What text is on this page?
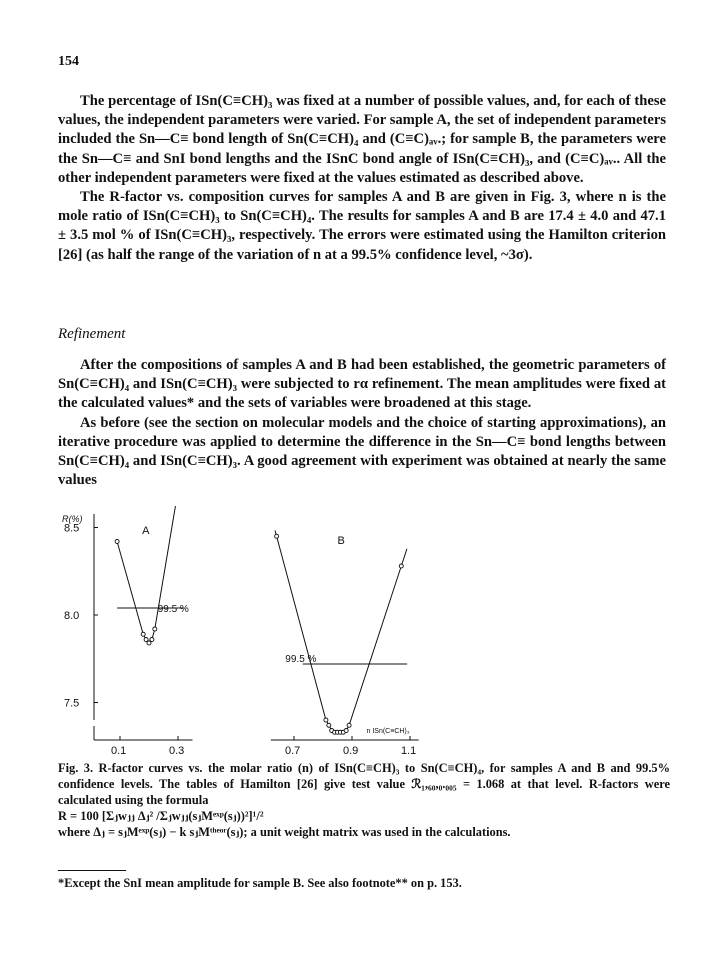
154

The percentage of ISn(C≡CH)₃ was fixed at a number of possible values, and, for each of these values, the independent parameters were varied. For sample A, the set of independent parameters included the Sn—C≡ bond length of Sn(C≡CH)₄ and (C≡C)ₐᵥ.; for sample B, the parameters were the Sn—C≡ and SnI bond lengths and the ISnC bond angle of ISn(C≡CH)₃, and (C≡C)ₐᵥ.. All the other independent parameters were fixed at the values estimated as described above.

The R-factor vs. composition curves for samples A and B are given in Fig. 3, where n is the mole ratio of ISn(C≡CH)₃ to Sn(C≡CH)₄. The results for samples A and B are 17.4 ± 4.0 and 47.1 ± 3.5 mol % of ISn(C≡CH)₃, respectively. The errors were estimated using the Hamilton criterion [26] (as half the range of the variation of n at a 99.5% confidence level, ~3σ).

Refinement

After the compositions of samples A and B had been established, the geometric parameters of Sn(C≡CH)₄ and ISn(C≡CH)₃ were subjected to rα refinement. The mean amplitudes were fixed at the calculated values* and the sets of variables were broadened at this stage.

As before (see the section on molecular models and the choice of starting approximations), an iterative procedure was applied to determine the difference in the Sn—C≡ bond lengths between Sn(C≡CH)₄ and ISn(C≡CH)₃. A good agreement with experiment was obtained at nearly the same values

7.5
8.0
8.5
R(%)
0.1	0.3	0.7	0.9	1.1
n ISn(C≡CH)₃
A
B
99.5 %
99.5 %

Fig. 3. R-factor curves vs. the molar ratio (n) of ISn(C≡CH)₃ to Sn(C≡CH)₄, for samples A and B and 99.5% confidence levels. The tables of Hamilton [26] give test value ℛ₁,₆₀,₀.₀₀₅ = 1.068 at that level. R-factors were calculated using the formula

R = 100 [Σⱼwⱼⱼ Δⱼ² /Σⱼwⱼⱼ(sⱼMᵉˣᵖ(sⱼ))²]¹/²

where Δⱼ = sⱼMᵉˣᵖ(sⱼ) − k sⱼMᵗʰᵉᵒʳ(sⱼ); a unit weight matrix was used in the calculations.

*Except the SnI mean amplitude for sample B. See also footnote** on p. 153.
